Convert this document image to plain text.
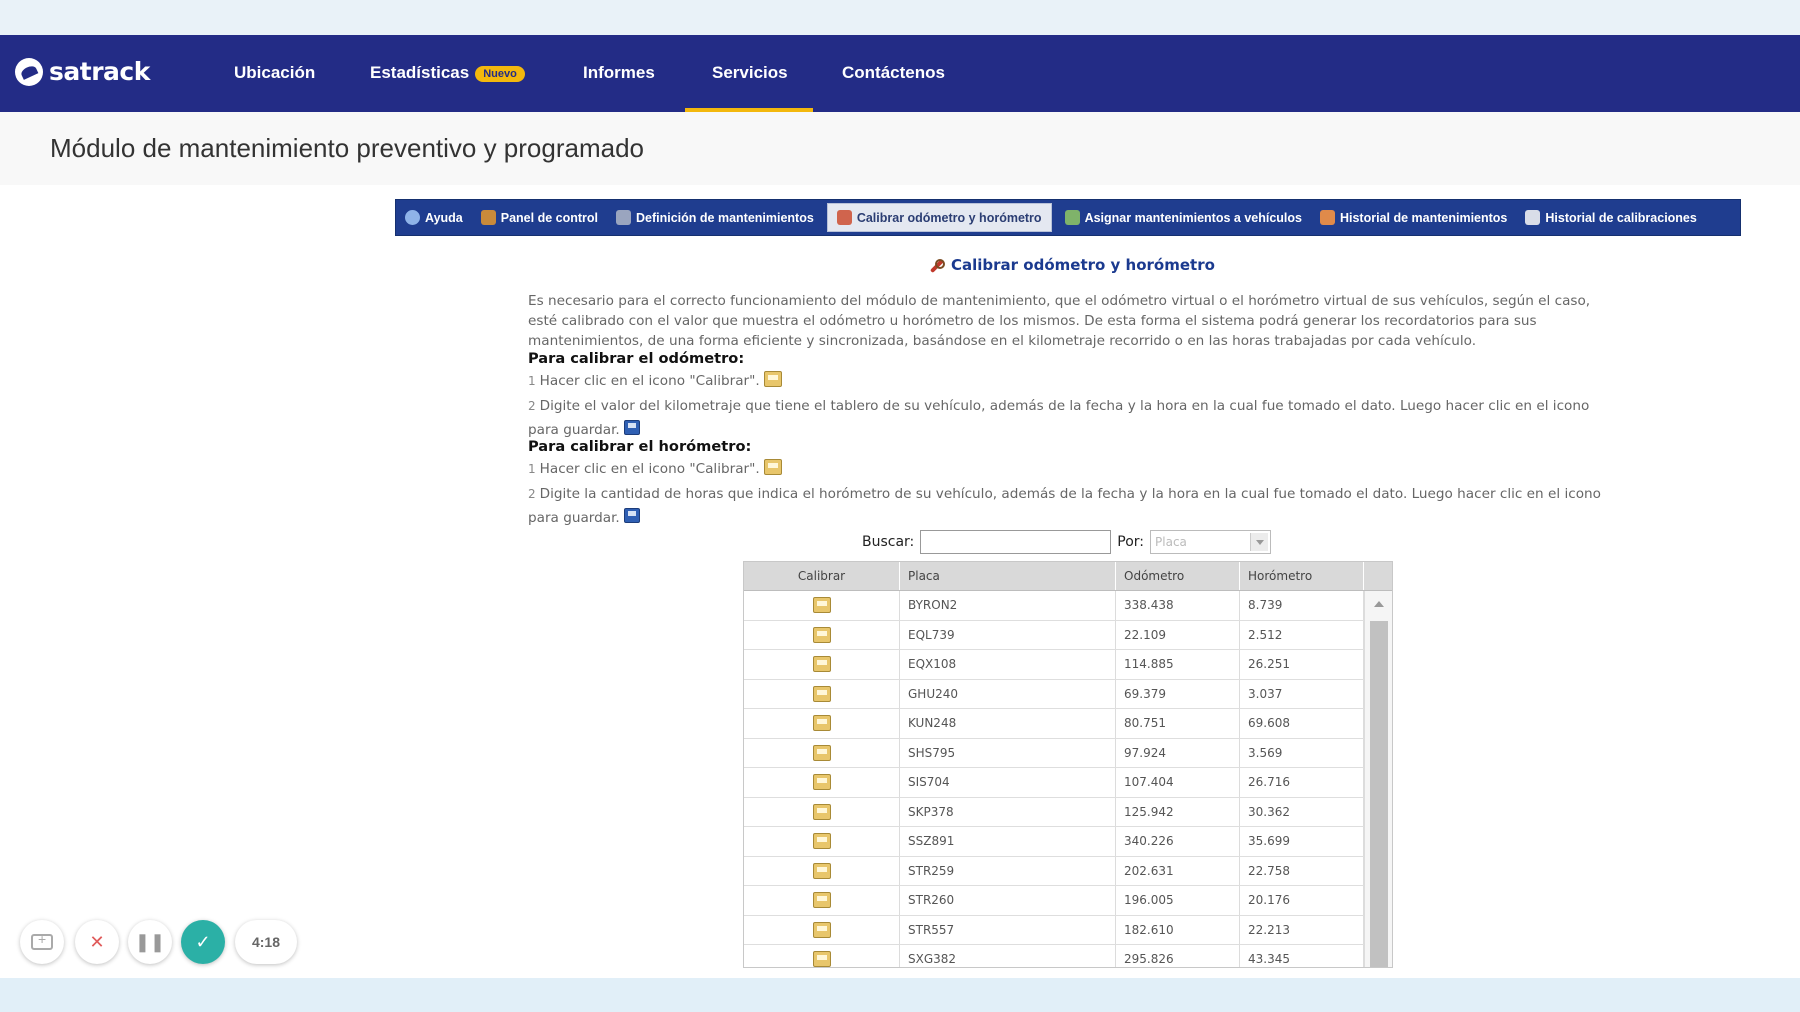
satrack	Ubicación	Estadísticas Nuevo	Informes	Servicios	Contáctenos
Módulo de mantenimiento preventivo y programado
Ayuda	Panel de control	Definición de mantenimientos	Calibrar odómetro y horómetro	Asignar mantenimientos a vehículos	Historial de mantenimientos	Historial de calibraciones
Calibrar odómetro y horómetro
Es necesario para el correcto funcionamiento del módulo de mantenimiento, que el odómetro virtual o el horómetro virtual de sus vehículos, según el caso, esté calibrado con el valor que muestra el odómetro u horómetro de los mismos. De esta forma el sistema podrá generar los recordatorios para sus mantenimientos, de una forma eficiente y sincronizada, basándose en el kilometraje recorrido o en las horas trabajadas por cada vehículo.
Para calibrar el odómetro:
1 Hacer clic en el icono "Calibrar".
2 Digite el valor del kilometraje que tiene el tablero de su vehículo, además de la fecha y la hora en la cual fue tomado el dato. Luego hacer clic en el icono para guardar.
Para calibrar el horómetro:
1 Hacer clic en el icono "Calibrar".
2 Digite la cantidad de horas que indica el horómetro de su vehículo, además de la fecha y la hora en la cual fue tomado el dato. Luego hacer clic en el icono para guardar.
Buscar:	Por: Placa
Calibrar	Placa	Odómetro	Horómetro
BYRON2	338.438	8.739
EQL739	22.109	2.512
EQX108	114.885	26.251
GHU240	69.379	3.037
KUN248	80.751	69.608
SHS795	97.924	3.569
SIS704	107.404	26.716
SKP378	125.942	30.362
SSZ891	340.226	35.699
STR259	202.631	22.758
STR260	196.005	20.176
STR557	182.610	22.213
SXG382	295.826	43.345
+
✕ ❚❚ ✓	4:18
